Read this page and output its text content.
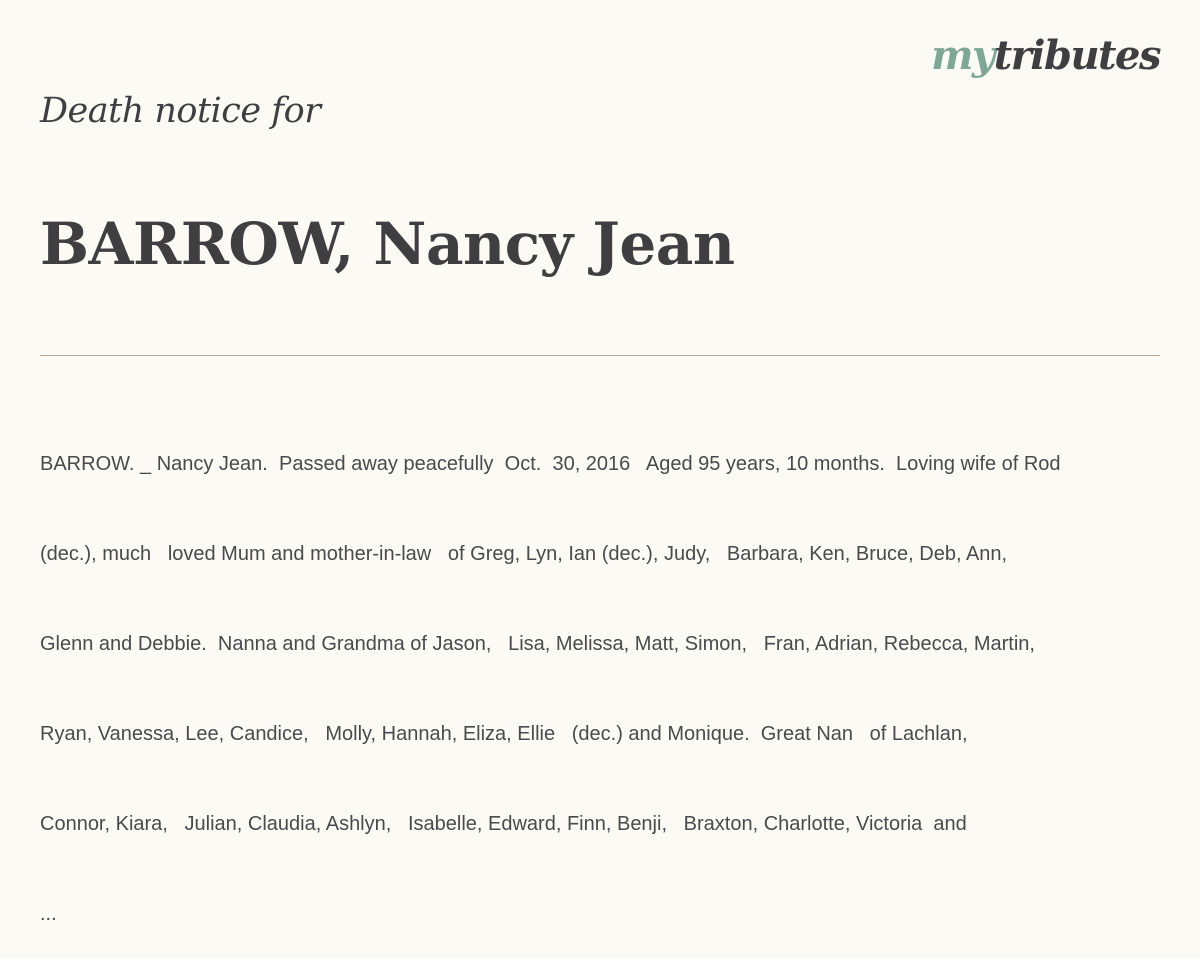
mytributes
Death notice for
BARROW, Nancy Jean

BARROW. _ Nancy Jean.  Passed away peacefully  Oct.  30, 2016   Aged 95 years, 10 months.  Loving wife of Rod

(dec.), much   loved Mum and mother-in-law   of Greg, Lyn, Ian (dec.), Judy,   Barbara, Ken, Bruce, Deb, Ann,

Glenn and Debbie.  Nanna and Grandma of Jason,   Lisa, Melissa, Matt, Simon,   Fran, Adrian, Rebecca, Martin,

Ryan, Vanessa, Lee, Candice,   Molly, Hannah, Eliza, Ellie   (dec.) and Monique.  Great Nan   of Lachlan,

Connor, Kiara,   Julian, Claudia, Ashlyn,   Isabelle, Edward, Finn, Benji,   Braxton, Charlotte, Victoria  and

...
